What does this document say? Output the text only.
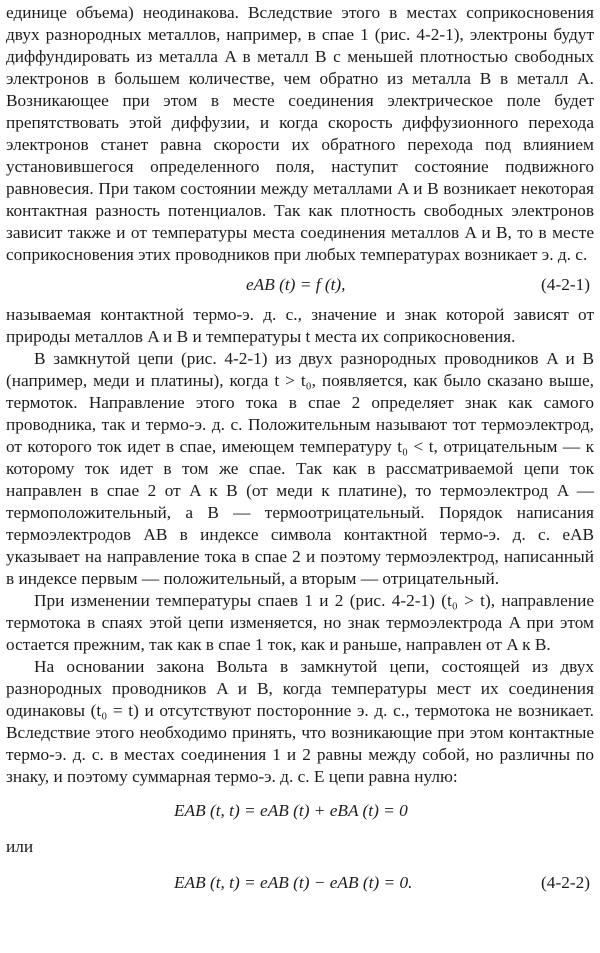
единице объема) неодинакова. Вследствие этого в местах соприкосновения двух разнородных металлов, например, в спае 1 (рис. 4-2-1), электроны будут диффундировать из металла A в металл B с меньшей плотностью свободных электронов в большем количестве, чем обратно из металла B в металл A. Возникающее при этом в месте соединения электрическое поле будет препятствовать этой диффузии, и когда скорость диффузионного перехода электронов станет равна скорости их обратного перехода под влиянием установившегося определенного поля, наступит состояние подвижного равновесия. При таком состоянии между металлами A и B возникает некоторая контактная разность потенциалов. Так как плотность свободных электронов зависит также и от температуры места соединения металлов A и B, то в месте соприкосновения этих проводников при любых температурах возникает э. д. с.

eAB (t) = f (t),	(4-2-1)

называемая контактной термо-э. д. с., значение и знак которой зависят от природы металлов A и B и температуры t места их соприкосновения.

В замкнутой цепи (рис. 4-2-1) из двух разнородных проводников A и B (например, меди и платины), когда t > t₀, появляется, как было сказано выше, термоток. Направление этого тока в спае 2 определяет знак как самого проводника, так и термо-э. д. с. Положительным называют тот термоэлектрод, от которого ток идет в спае, имеющем температуру t₀ < t, отрицательным — к которому ток идет в том же спае. Так как в рассматриваемой цепи ток направлен в спае 2 от A к B (от меди к платине), то термоэлектрод A — термоположительный, а B — термоотрицательный. Порядок написания термоэлектродов AB в индексе символа контактной термо-э. д. с. eAB указывает на направление тока в спае 2 и поэтому термоэлектрод, написанный в индексе первым — положительный, а вторым — отрицательный.

При изменении температуры спаев 1 и 2 (рис. 4-2-1) (t₀ > t), направление термотока в спаях этой цепи изменяется, но знак термоэлектрода A при этом остается прежним, так как в спае 1 ток, как и раньше, направлен от A к B.

На основании закона Вольта в замкнутой цепи, состоящей из двух разнородных проводников A и B, когда температуры мест их соединения одинаковы (t₀ = t) и отсутствуют посторонние э. д. с., термотока не возникает. Вследствие этого необходимо принять, что возникающие при этом контактные термо-э. д. с. в местах соединения 1 и 2 равны между собой, но различны по знаку, и поэтому суммарная термо-э. д. с. E цепи равна нулю:

EAB (t, t) = eAB (t) + eBA (t) = 0

или

EAB (t, t) = eAB (t) − eAB (t) = 0.	(4-2-2)
